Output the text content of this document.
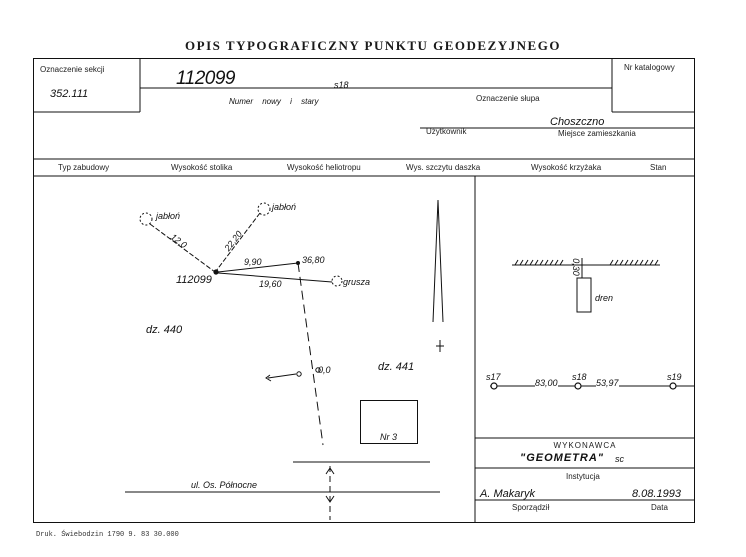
OPIS TYPOGRAFICZNY PUNKTU GEODEZYJNEGO
Oznaczenie sekcji
352.111
112099	s18
Numer nowy i stary	Oznaczenie słupa
Nr katalogowy
Choszczno
Użytkownik	Miejsce zamieszkania
Typ zabudowy	Wysokość stolika	Wysokość heliotropu	Wys. szczytu daszka	Wysokość krzyżaka	Stan
jabłoń
jabłoń
grusza
12,0	22,20
9,90	36,80
19,60
112099
dz. 440
dz. 441
0,0
Nr 3
ul. Os. Północne
0,30
dren
s17	s18	s19
83,00	53,97
WYKONAWCA
"GEOMETRA" sc
Instytucja
A. Makaryk	8.08.1993
Sporządził	Data
Druk. Świebodzin 1790 9. 83 30.000
